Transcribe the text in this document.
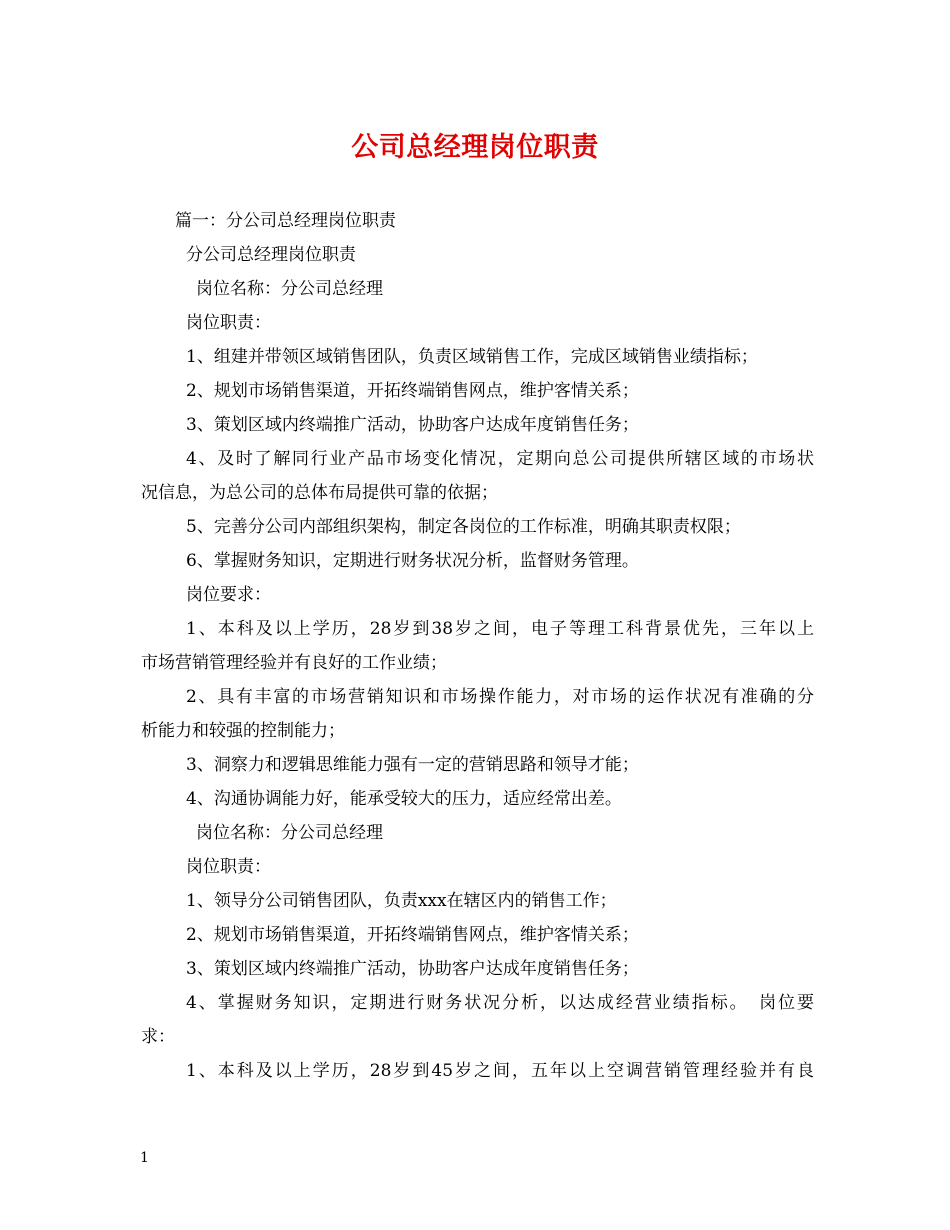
公司总经理岗位职责
篇一：分公司总经理岗位职责
分公司总经理岗位职责
岗位名称：分公司总经理
岗位职责：
1、组建并带领区域销售团队，负责区域销售工作，完成区域销售业绩指标；
2、规划市场销售渠道，开拓终端销售网点，维护客情关系；
3、策划区域内终端推广活动，协助客户达成年度销售任务；
4、及时了解同行业产品市场变化情况，定期向总公司提供所辖区域的市场状
况信息，为总公司的总体布局提供可靠的依据；
5、完善分公司内部组织架构，制定各岗位的工作标准，明确其职责权限；
6、掌握财务知识，定期进行财务状况分析，监督财务管理。
岗位要求：
1、本科及以上学历，28岁到38岁之间，电子等理工科背景优先，三年以上
市场营销管理经验并有良好的工作业绩；
2、具有丰富的市场营销知识和市场操作能力，对市场的运作状况有准确的分
析能力和较强的控制能力；
3、洞察力和逻辑思维能力强有一定的营销思路和领导才能；
4、沟通协调能力好，能承受较大的压力，适应经常出差。
岗位名称：分公司总经理
岗位职责：
1、领导分公司销售团队，负责xxx在辖区内的销售工作；
2、规划市场销售渠道，开拓终端销售网点，维护客情关系；
3、策划区域内终端推广活动，协助客户达成年度销售任务；
4、掌握财务知识，定期进行财务状况分析，以达成经营业绩指标。　岗位要
求：
1、本科及以上学历，28岁到45岁之间，五年以上空调营销管理经验并有良
1
